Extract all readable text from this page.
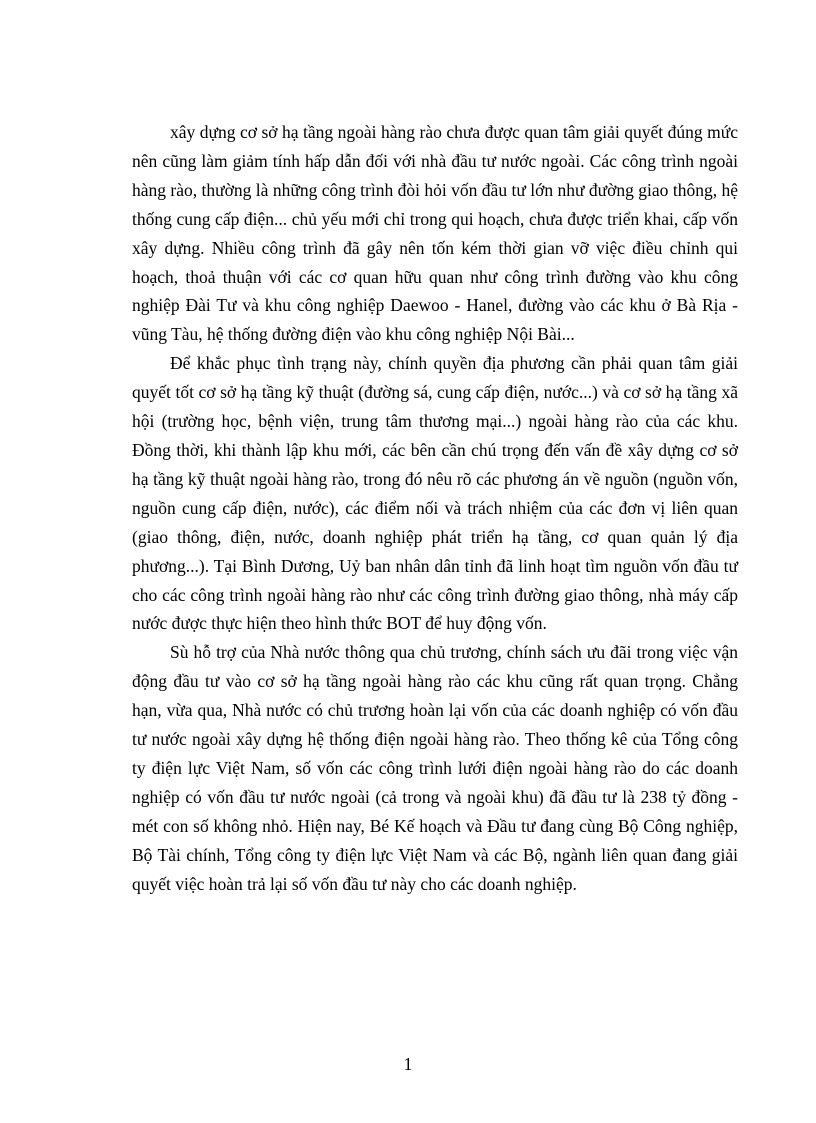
xây dựng cơ sở hạ tầng ngoài hàng rào chưa được quan tâm giải quyết đúng mức nên cũng làm giảm tính hấp dẫn đối với nhà đầu tư nước ngoài. Các công trình ngoài hàng rào, thường là những công trình đòi hỏi vốn đầu tư lớn như đường giao thông, hệ thống cung cấp điện... chủ yếu mới chỉ trong qui hoạch, chưa được triển khai, cấp vốn xây dựng. Nhiều công trình đã gây nên tốn kém thời gian vỡ việc điều chỉnh qui hoạch, thoả thuận với các cơ quan hữu quan như công trình đường vào khu công nghiệp Đài Tư và khu công nghiệp Daewoo - Hanel, đường vào các khu ở Bà Rịa - vũng Tàu, hệ thống đường điện vào khu công nghiệp Nội Bài...

Để khắc phục tình trạng này, chính quyền địa phương cần phải quan tâm giải quyết tốt cơ sở hạ tầng kỹ thuật (đường sá, cung cấp điện, nước...) và cơ sở hạ tầng xã hội (trường học, bệnh viện, trung tâm thương mại...) ngoài hàng rào của các khu. Đồng thời, khi thành lập khu mới, các bên cần chú trọng đến vấn đề xây dựng cơ sở hạ tầng kỹ thuật ngoài hàng rào, trong đó nêu rõ các phương án về nguồn (nguồn vốn, nguồn cung cấp điện, nước), các điểm nối và trách nhiệm của các đơn vị liên quan (giao thông, điện, nước, doanh nghiệp phát triển hạ tầng, cơ quan quản lý địa phương...). Tại Bình Dương, Uỷ ban nhân dân tỉnh đã linh hoạt tìm nguồn vốn đầu tư cho các công trình ngoài hàng rào như các công trình đường giao thông, nhà máy cấp nước được thực hiện theo hình thức BOT để huy động vốn.

Sù hỗ trợ của Nhà nước thông qua chủ trương, chính sách ưu đãi trong việc vận động đầu tư vào cơ sở hạ tầng ngoài hàng rào các khu cũng rất quan trọng. Chẳng hạn, vừa qua, Nhà nước có chủ trương hoàn lại vốn của các doanh nghiệp có vốn đầu tư nước ngoài xây dựng hệ thống điện ngoài hàng rào. Theo thống kê của Tổng công ty điện lực Việt Nam, số vốn các công trình lưới điện ngoài hàng rào do các doanh nghiệp có vốn đầu tư nước ngoài (cả trong và ngoài khu) đã đầu tư là 238 tỷ đồng - mét con số không nhỏ. Hiện nay, Bé Kế hoạch và Đầu tư đang cùng Bộ Công nghiệp, Bộ Tài chính, Tổng công ty điện lực Việt Nam và các Bộ, ngành liên quan đang giải quyết việc hoàn trả lại số vốn đầu tư này cho các doanh nghiệp.

1
